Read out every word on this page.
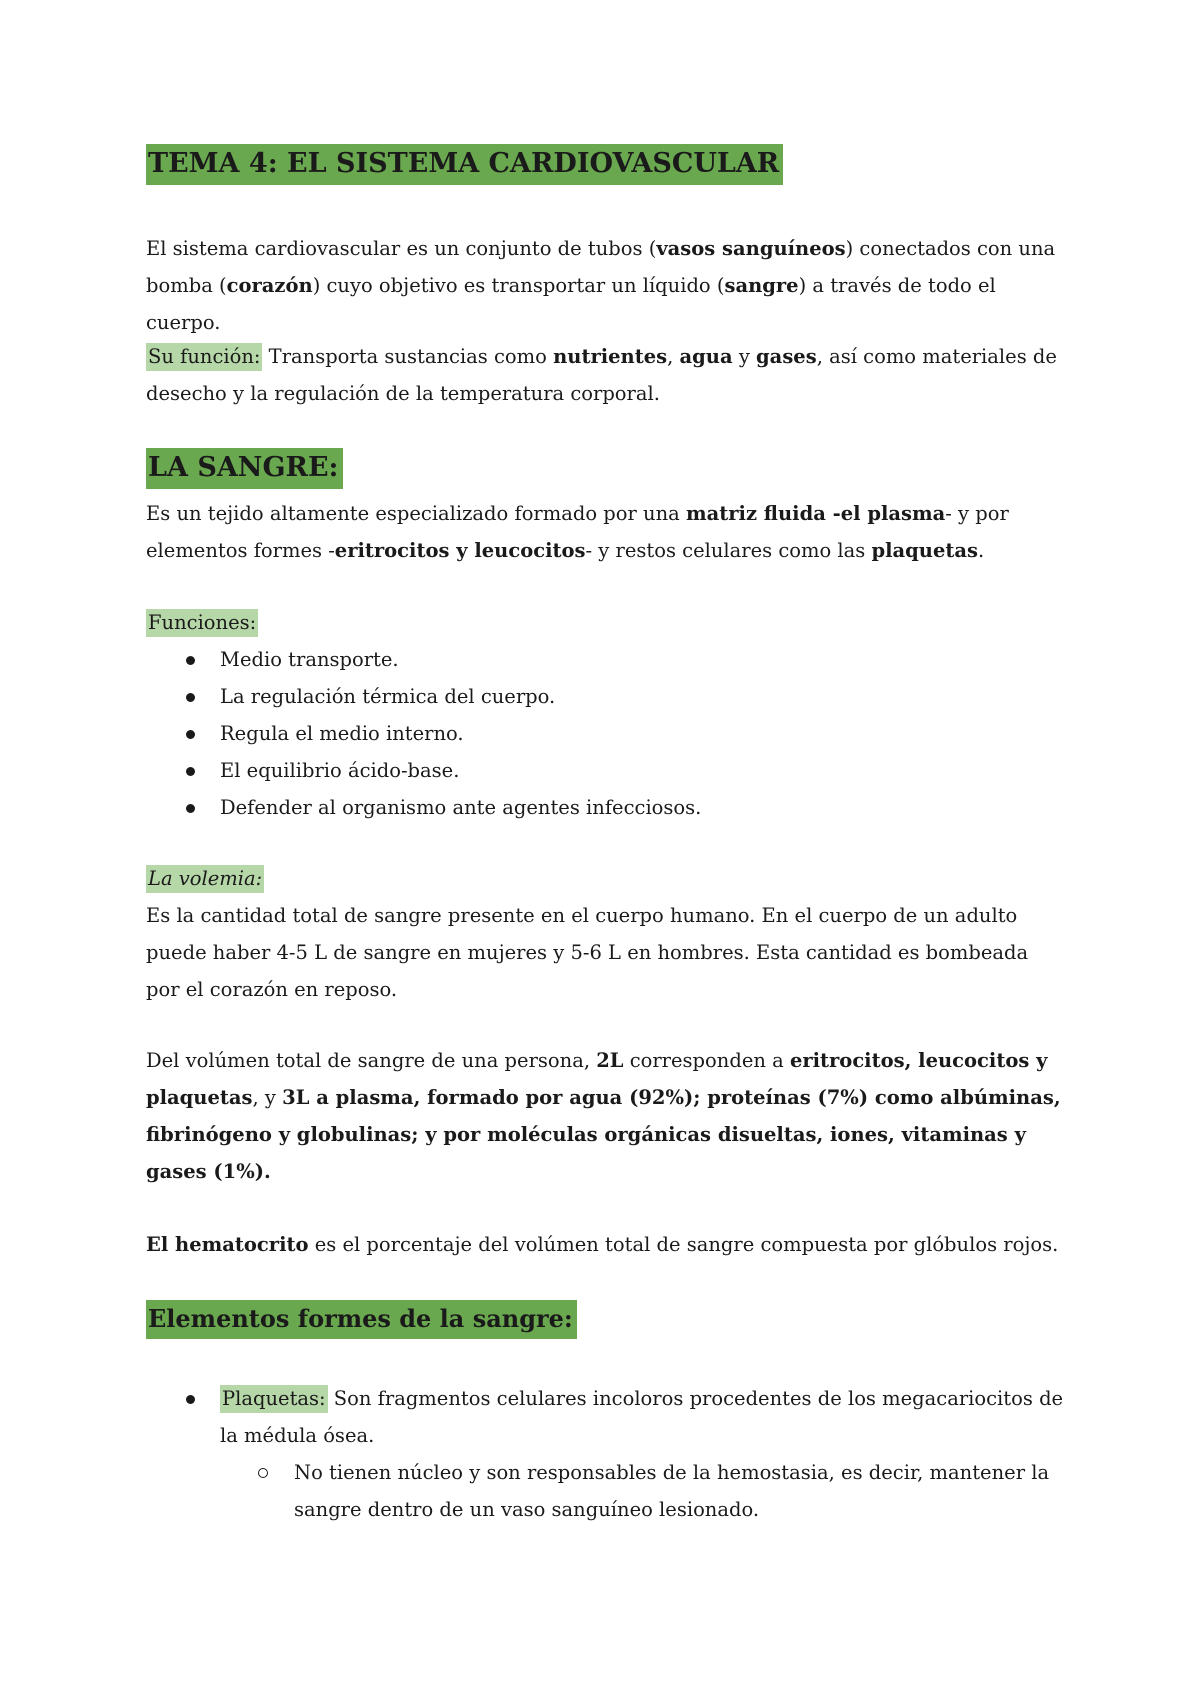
TEMA 4: EL SISTEMA CARDIOVASCULAR

El sistema cardiovascular es un conjunto de tubos (vasos sanguíneos) conectados con una bomba (corazón) cuyo objetivo es transportar un líquido (sangre) a través de todo el cuerpo.

Su función: Transporta sustancias como nutrientes, agua y gases, así como materiales de desecho y la regulación de la temperatura corporal.

LA SANGRE:

Es un tejido altamente especializado formado por una matriz fluida -el plasma- y por elementos formes -eritrocitos y leucocitos- y restos celulares como las plaquetas.

Funciones:

Medio transporte.
La regulación térmica del cuerpo.
Regula el medio interno.
El equilibrio ácido-base.
Defender al organismo ante agentes infecciosos.

La volemia:

Es la cantidad total de sangre presente en el cuerpo humano. En el cuerpo de un adulto puede haber 4-5 L de sangre en mujeres y 5-6 L en hombres. Esta cantidad es bombeada por el corazón en reposo.

Del volúmen total de sangre de una persona, 2L corresponden a eritrocitos, leucocitos y plaquetas, y 3L a plasma, formado por agua (92%); proteínas (7%) como albúminas, fibrinógeno y globulinas; y por moléculas orgánicas disueltas, iones, vitaminas y gases (1%).

El hematocrito es el porcentaje del volúmen total de sangre compuesta por glóbulos rojos.

Elementos formes de la sangre:
Plaquetas: Son fragmentos celulares incoloros procedentes de los megacariocitos de la médula ósea.
No tienen núcleo y son responsables de la hemostasia, es decir, mantener la sangre dentro de un vaso sanguíneo lesionado.
